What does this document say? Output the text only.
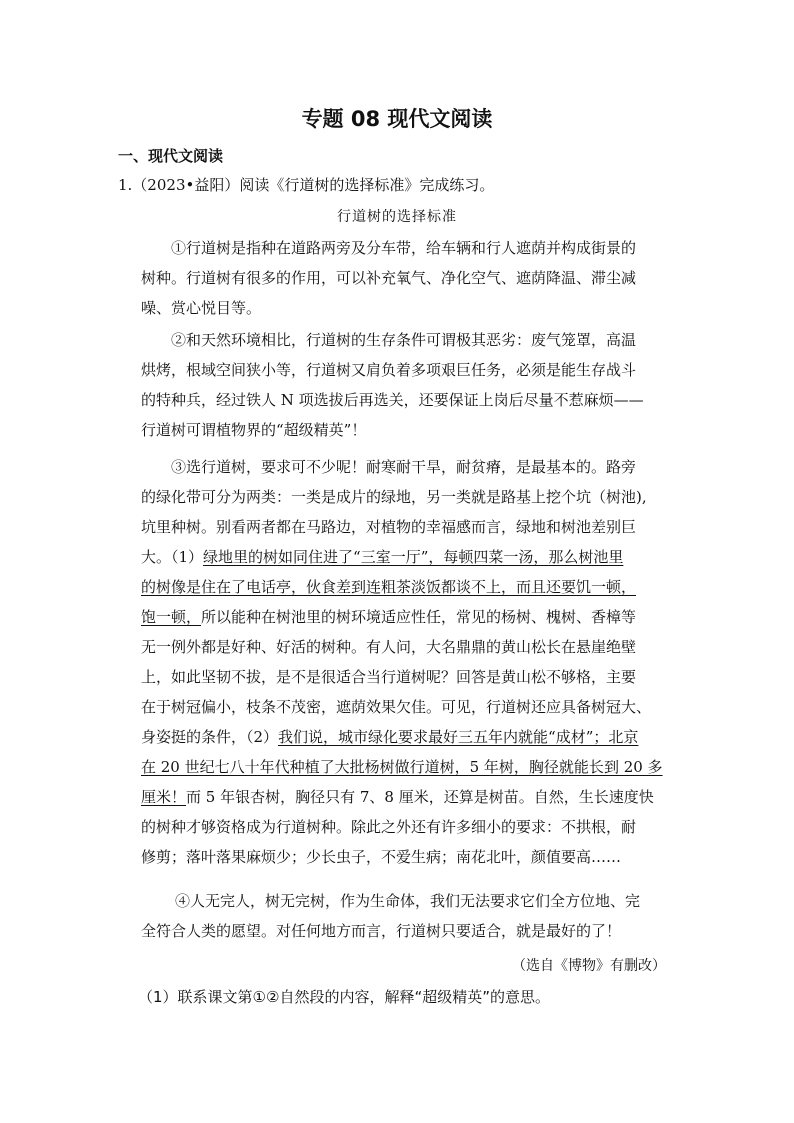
专题 08 现代文阅读
一、现代文阅读
1.（2023•益阳）阅读《行道树的选择标准》完成练习。
行道树的选择标准
①行道树是指种在道路两旁及分车带，给车辆和行人遮荫并构成街景的
树种。行道树有很多的作用，可以补充氧气、净化空气、遮荫降温、滞尘减
噪、赏心悦目等。
②和天然环境相比，行道树的生存条件可谓极其恶劣：废气笼罩，高温
烘烤，根域空间狭小等，行道树又肩负着多项艰巨任务，必须是能生存战斗
的特种兵，经过铁人 N 项选拔后再选关，还要保证上岗后尽量不惹麻烦——
行道树可谓植物界的“超级精英”！
③选行道树，要求可不少呢！耐寒耐干旱，耐贫瘠，是最基本的。路旁
的绿化带可分为两类：一类是成片的绿地，另一类就是路基上挖个坑（树池),
坑里种树。别看两者都在马路边，对植物的幸福感而言，绿地和树池差别巨
大。（1）绿地里的树如同住进了“三室一厅”，每顿四菜一汤，那么树池里
的树像是住在了电话亭，伙食差到连粗茶淡饭都谈不上，而且还要饥一顿，
饱一顿，所以能种在树池里的树环境适应性任，常见的杨树、槐树、香樟等
无一例外都是好种、好活的树种。有人问，大名鼎鼎的黄山松长在悬崖绝壁
上，如此坚韧不拔，是不是很适合当行道树呢？回答是黄山松不够格，主要
在于树冠偏小，枝条不茂密，遮荫效果欠佳。可见，行道树还应具备树冠大、
身姿挺的条件，（2）我们说，城市绿化要求最好三五年内就能“成材”；北京
在 20 世纪七八十年代种植了大批杨树做行道树，5 年树，胸径就能长到 20 多
厘米！而 5 年银杏树，胸径只有 7、8 厘米，还算是树苗。自然，生长速度快
的树种才够资格成为行道树种。除此之外还有许多细小的要求：不拱根，耐
修剪；落叶落果麻烦少；少长虫子，不爱生病；南花北叶，颜值要高……
④人无完人，树无完树，作为生命体，我们无法要求它们全方位地、完
全符合人类的愿望。对任何地方而言，行道树只要适合，就是最好的了！
（选自《博物》有删改）
（1）联系课文第①②自然段的内容，解释“超级精英”的意思。
